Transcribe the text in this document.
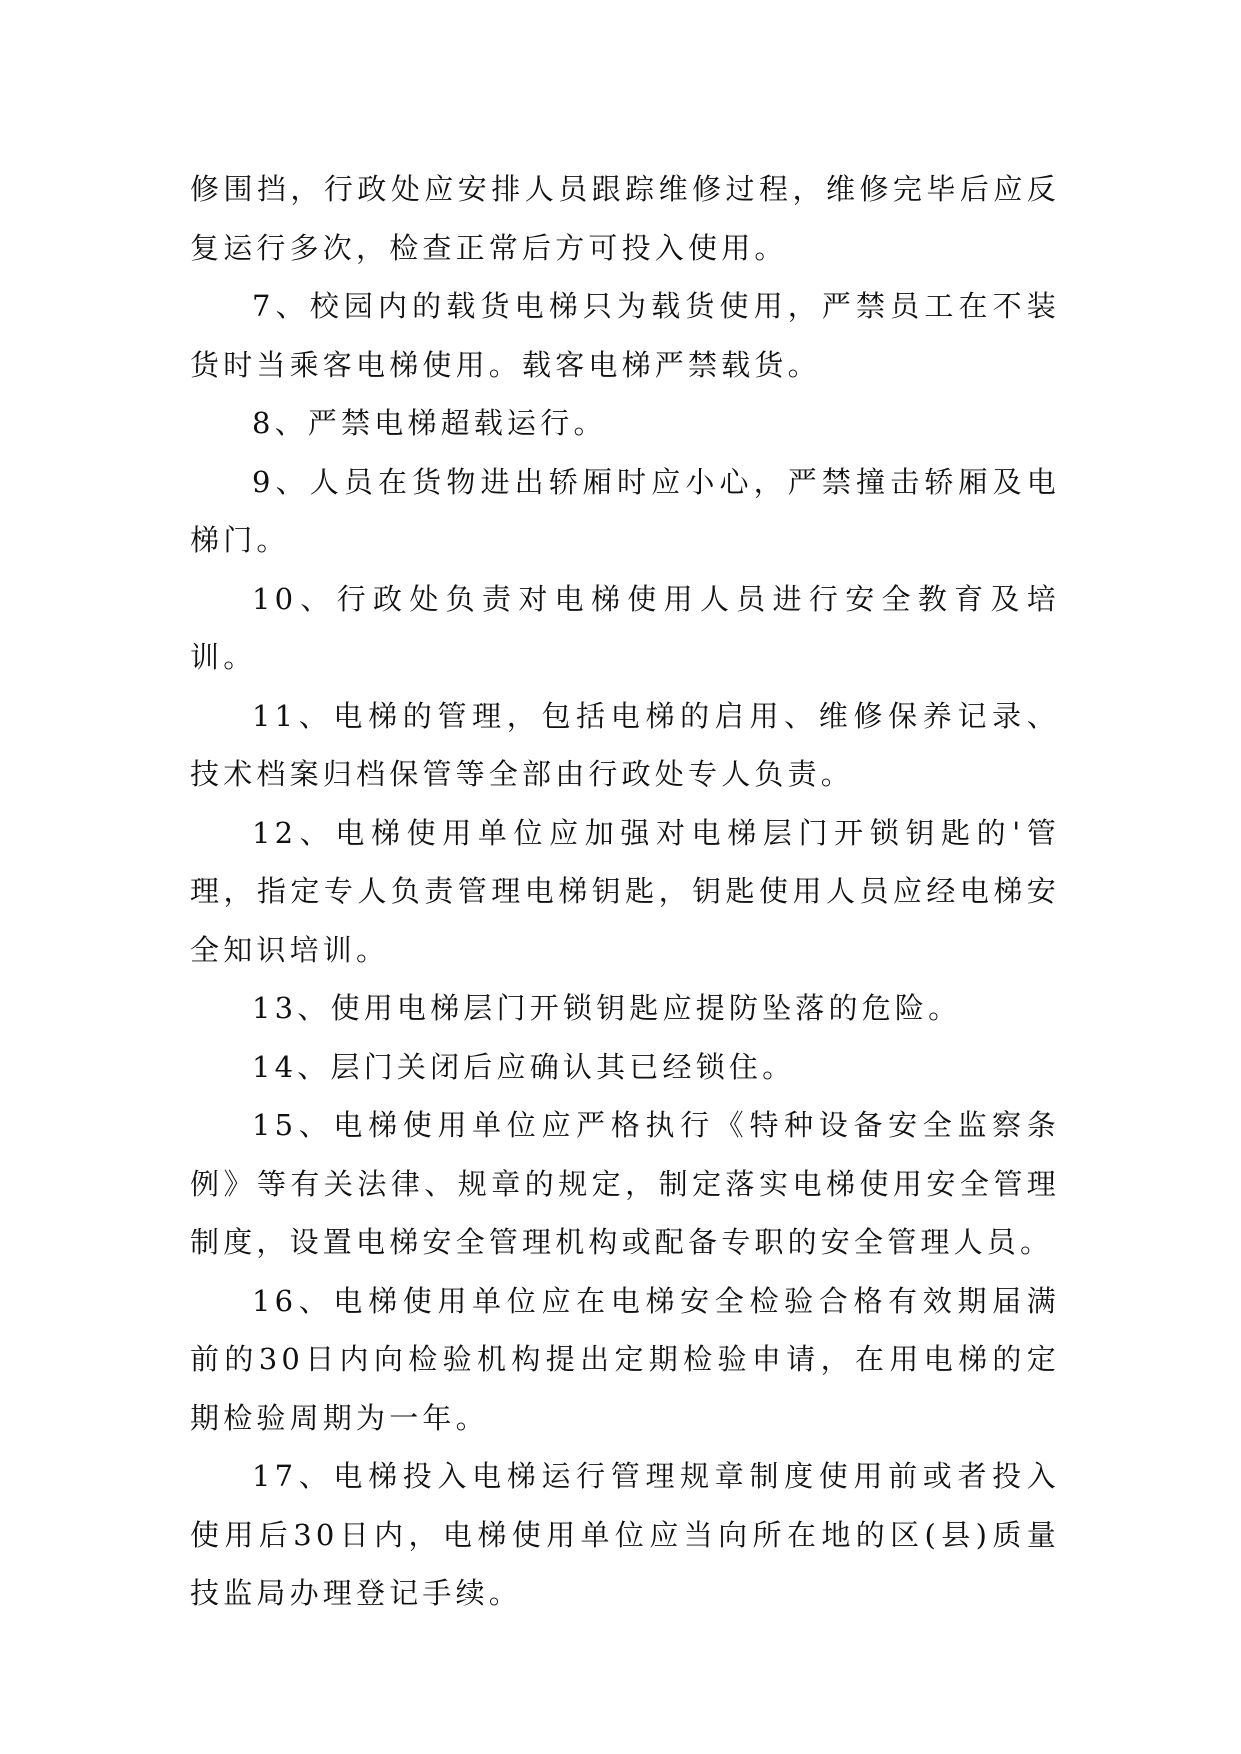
修围挡，行政处应安排人员跟踪维修过程，维修完毕后应反复运行多次，检查正常后方可投入使用。

7、校园内的载货电梯只为载货使用，严禁员工在不装货时当乘客电梯使用。载客电梯严禁载货。

8、严禁电梯超载运行。

9、人员在货物进出轿厢时应小心，严禁撞击轿厢及电梯门。

10、行政处负责对电梯使用人员进行安全教育及培训。

11、电梯的管理，包括电梯的启用、维修保养记录、技术档案归档保管等全部由行政处专人负责。

12、电梯使用单位应加强对电梯层门开锁钥匙的'管理，指定专人负责管理电梯钥匙，钥匙使用人员应经电梯安全知识培训。

13、使用电梯层门开锁钥匙应提防坠落的危险。

14、层门关闭后应确认其已经锁住。

15、电梯使用单位应严格执行《特种设备安全监察条例》等有关法律、规章的规定，制定落实电梯使用安全管理制度，设置电梯安全管理机构或配备专职的安全管理人员。

16、电梯使用单位应在电梯安全检验合格有效期届满前的30日内向检验机构提出定期检验申请，在用电梯的定期检验周期为一年。

17、电梯投入电梯运行管理规章制度使用前或者投入使用后30日内，电梯使用单位应当向所在地的区(县)质量技监局办理登记手续。
